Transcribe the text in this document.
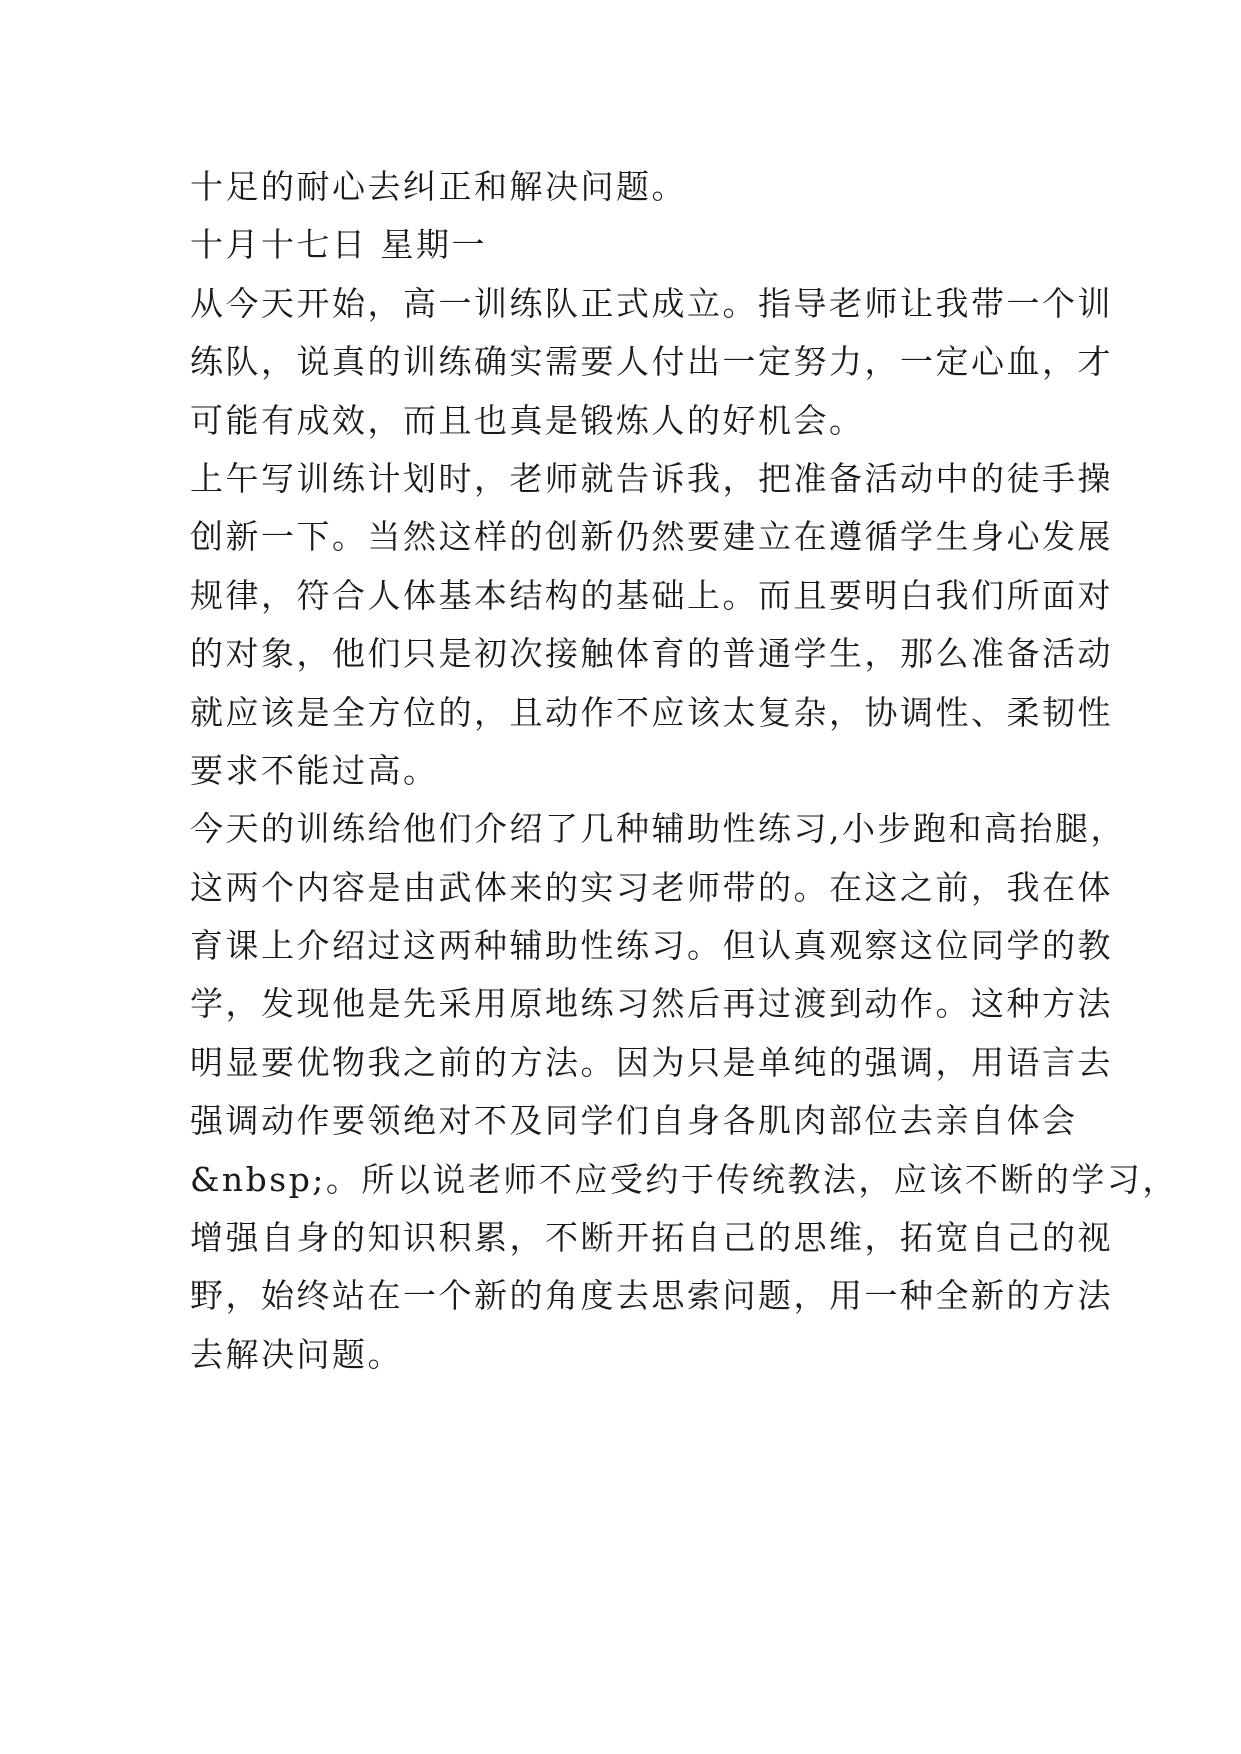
十足的耐心去纠正和解决问题。
十月十七日 星期一
从今天开始，高一训练队正式成立。指导老师让我带一个训
练队，说真的训练确实需要人付出一定努力，一定心血，才
可能有成效，而且也真是锻炼人的好机会。
上午写训练计划时，老师就告诉我，把准备活动中的徒手操
创新一下。当然这样的创新仍然要建立在遵循学生身心发展
规律，符合人体基本结构的基础上。而且要明白我们所面对
的对象，他们只是初次接触体育的普通学生，那么准备活动
就应该是全方位的，且动作不应该太复杂，协调性、柔韧性
要求不能过高。
今天的训练给他们介绍了几种辅助性练习,小步跑和高抬腿，
这两个内容是由武体来的实习老师带的。在这之前，我在体
育课上介绍过这两种辅助性练习。但认真观察这位同学的教
学，发现他是先采用原地练习然后再过渡到动作。这种方法
明显要优物我之前的方法。因为只是单纯的强调，用语言去
强调动作要领绝对不及同学们自身各肌肉部位去亲自体会
&nbsp;。所以说老师不应受约于传统教法，应该不断的学习，
增强自身的知识积累，不断开拓自己的思维，拓宽自己的视
野，始终站在一个新的角度去思索问题，用一种全新的方法
去解决问题。
